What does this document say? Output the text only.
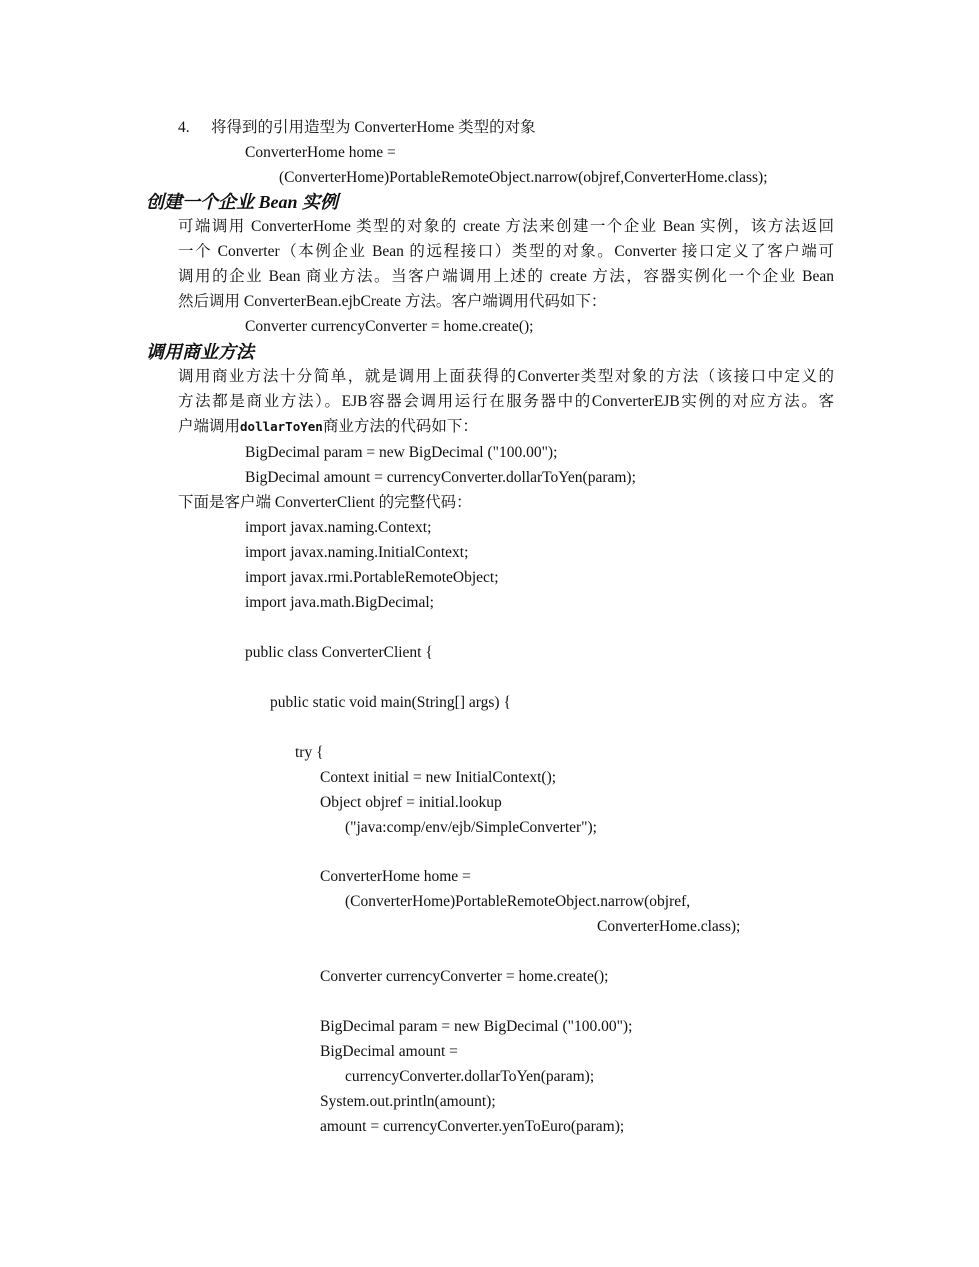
4. 将得到的引用造型为 ConverterHome 类型的对象
ConverterHome home =
(ConverterHome)PortableRemoteObject.narrow(objref,ConverterHome.class);
创建一个企业 Bean 实例
可端调用 ConverterHome 类型的对象的 create 方法来创建一个企业 Bean 实例，该方法返回
一个 Converter（本例企业 Bean 的远程接口）类型的对象。Converter 接口定义了客户端可
调用的企业 Bean 商业方法。当客户端调用上述的 create 方法，容器实例化一个企业 Bean
然后调用 ConverterBean.ejbCreate 方法。客户端调用代码如下：
Converter currencyConverter = home.create();
调用商业方法
调用商业方法十分简单，就是调用上面获得的Converter类型对象的方法（该接口中定义的
方法都是商业方法）。EJB容器会调用运行在服务器中的ConverterEJB实例的对应方法。客
户端调用dollarToYen商业方法的代码如下：
BigDecimal param = new BigDecimal ("100.00");
BigDecimal amount = currencyConverter.dollarToYen(param);
下面是客户端 ConverterClient 的完整代码：
import javax.naming.Context;
import javax.naming.InitialContext;
import javax.rmi.PortableRemoteObject;
import java.math.BigDecimal;
public class ConverterClient {
public static void main(String[] args) {
try {
Context initial = new InitialContext();
Object objref = initial.lookup
("java:comp/env/ejb/SimpleConverter");
ConverterHome home =
(ConverterHome)PortableRemoteObject.narrow(objref,
ConverterHome.class);
Converter currencyConverter = home.create();
BigDecimal param = new BigDecimal ("100.00");
BigDecimal amount =
currencyConverter.dollarToYen(param);
System.out.println(amount);
amount = currencyConverter.yenToEuro(param);
